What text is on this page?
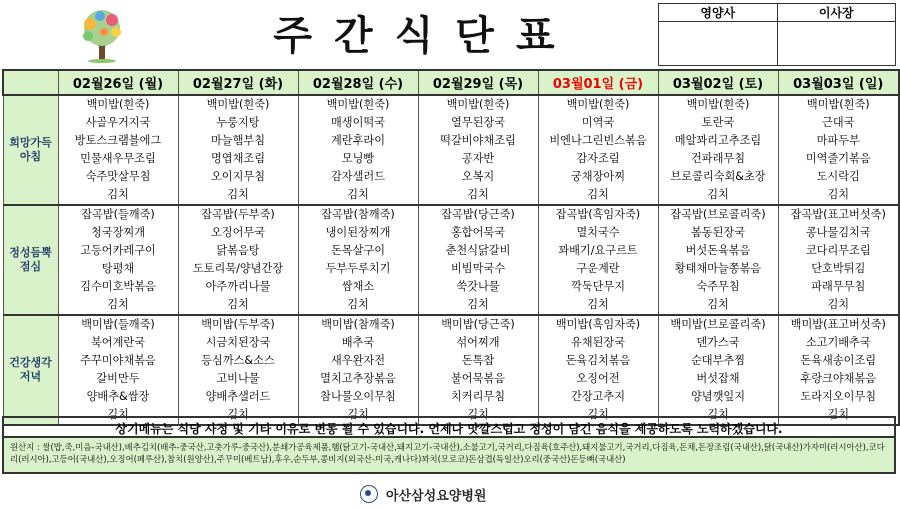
주간식단표	영양사	이사장

	02월26일 (월)	02월27일 (화)	02월28일 (수)	02월29일 (목)	03월01일 (금)	03월02일 (토)	03월03일 (일)

희망가득
아침	백미밥(흰죽)	백미밥(흰죽)	백미밥(흰죽)	백미밥(흰죽)	백미밥(흰죽)	백미밥(흰죽)	백미밥(흰죽)
	사골우거지국	누룽지탕	매생이떡국	열무된장국	미역국	토란국	근대국
	방토스크램블에그	마늘햄부침	계란후라이	떡갈비야채조림	비엔나그린빈스볶음	메알꽈리고추조림	마파두부
	민물새우무조림	명엽채조림	모닝빵	공자반	감자조림	건파래무침	미역줄기볶음
	숙주맛살무침	오이지무침	감자샐러드	오복지	궁채장아찌	브로콜리숙회&초장	도시락김
	김치	김치	김치	김치	김치	김치	김치

정성듬뿍
점심	잡곡밥(들깨죽)	잡곡밥(두부죽)	잡곡밥(참깨죽)	잡곡밥(당근죽)	잡곡밥(흑임자죽)	잡곡밥(브로콜리죽)	잡곡밥(표고버섯죽)
	청국장찌개	오징어무국	냉이된장찌개	홍합어묵국	멸치국수	봄동된장국	콩나물김치국
	고등어카레구이	닭볶음탕	돈목살구이	춘천식닭갈비	꽈배기/요구르트	버섯돈육볶음	코다리무조림
	탕평채	도토리묵/양념간장	두부두루치기	비빔막국수	구운계란	황태채마늘쫑볶음	단호박튀김
	김수미호박볶음	아주까리나물	쌈채소	쑥갓나물	깍둑단무지	숙주무침	파래무무침
	김치	김치	김치	김치	김치	김치	김치

건강생각
저녁	백미밥(들깨죽)	백미밥(두부죽)	백미밥(참깨죽)	백미밥(당근죽)	백미밥(흑임자죽)	백미밥(브로콜리죽)	백미밥(표고버섯죽)
	북어계란국	시금치된장국	배추국	섞어찌개	유채된장국	덴가스국	소고기배추국
	주꾸미야채볶음	등심까스&소스	새우완자전	돈톡찹	돈육김치볶음	순대부추찜	돈육새송이조림
	갈비만두	고비나물	멸치고추장볶음	불어묵볶음	오징어전	버섯잡채	후랑크야채볶음
	양배추&쌈장	양배추샐러드	참나물오이무침	치커리무침	간장고추지	양념깻잎지	도라지오이무침
	김치	김치	김치	김치	김치	김치	김치
상기메뉴는 식당 사정 및 기타 이유로 변동 될 수 있습니다. 언제나 맛깔스럽고 정성이 담긴 음식을 제공하도록 노력하겠습니다.
원산지 : 쌀(밥,죽,미음-국내산),배추김치(배추-중국산,고춧가루-중국산),분쇄가공육제품,햄(닭고기-국내산,돼지고기-국내산),소불고기,국거리,다짐육(호주산),돼지불고기,국거리,다짐육,돈채,돈장조림(국내산),닭(국내산)가자미(러시아산),코다리(러시아),고등어(국내산),오징어(페루산),참치(원양산),주꾸미(베트남),후우,순두부,콩비지(외국산-미국,캐나다)꽈치(모로코)돈삼겹(독일산)오리(중국산)돈등뼈(국내산)
아산삼성요양병원
